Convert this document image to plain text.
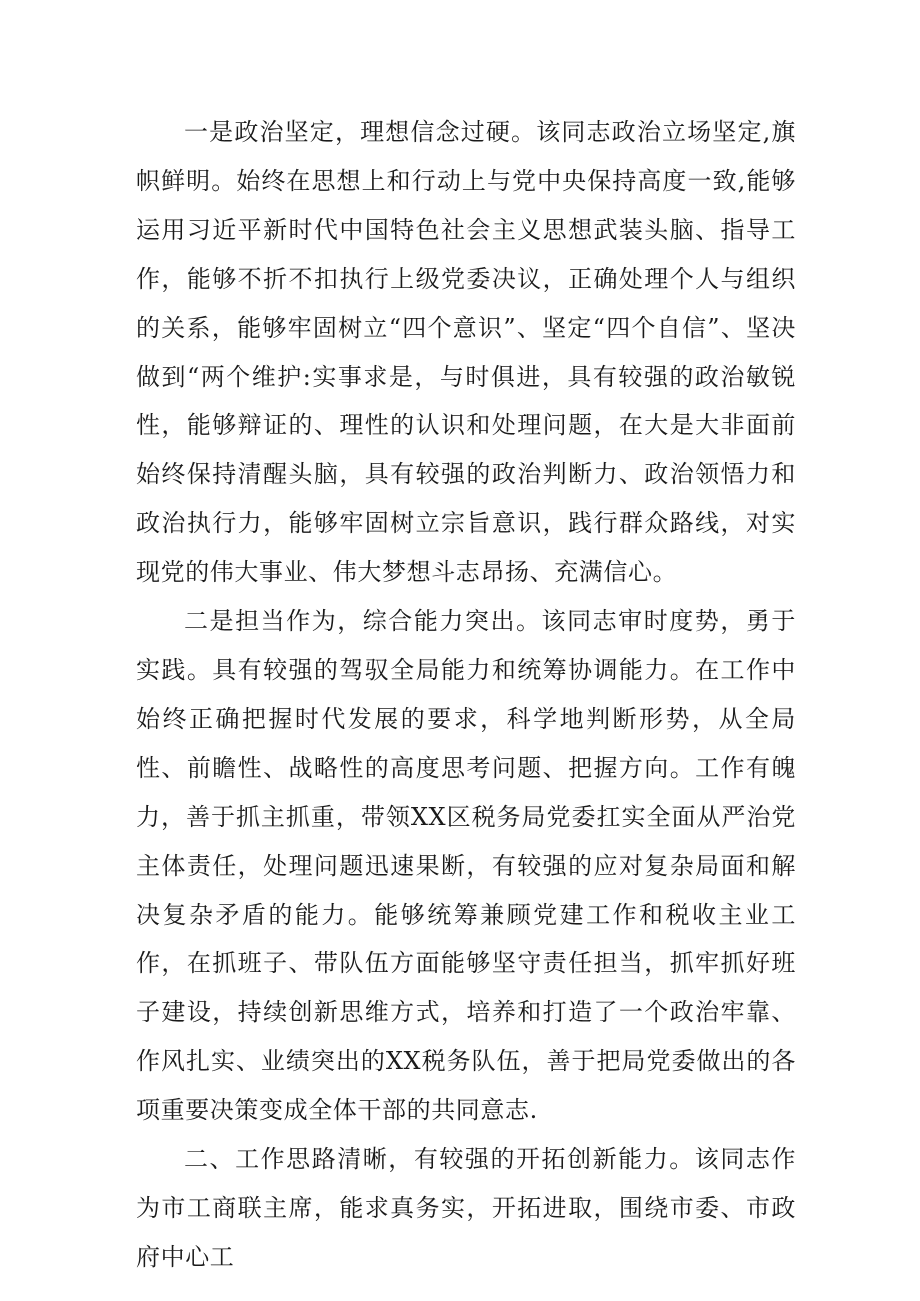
一是政治坚定，理想信念过硬。该同志政治立场坚定,旗帜鲜明。始终在思想上和行动上与党中央保持高度一致,能够运用习近平新时代中国特色社会主义思想武装头脑、指导工作，能够不折不扣执行上级党委决议，正确处理个人与组织的关系，能够牢固树立“四个意识”、坚定“四个自信”、坚决做到“两个维护:实事求是，与时俱进，具有较强的政治敏锐性，能够辩证的、理性的认识和处理问题，在大是大非面前始终保持清醒头脑，具有较强的政治判断力、政治领悟力和政治执行力，能够牢固树立宗旨意识，践行群众路线，对实现党的伟大事业、伟大梦想斗志昂扬、充满信心。

二是担当作为，综合能力突出。该同志审时度势，勇于实践。具有较强的驾驭全局能力和统筹协调能力。在工作中始终正确把握时代发展的要求，科学地判断形势，从全局性、前瞻性、战略性的高度思考问题、把握方向。工作有魄力，善于抓主抓重，带领XX区税务局党委扛实全面从严治党主体责任，处理问题迅速果断，有较强的应对复杂局面和解决复杂矛盾的能力。能够统筹兼顾党建工作和税收主业工作，在抓班子、带队伍方面能够坚守责任担当，抓牢抓好班子建设，持续创新思维方式，培养和打造了一个政治牢靠、作风扎实、业绩突出的XX税务队伍，善于把局党委做出的各项重要决策变成全体干部的共同意志.

二、工作思路清晰，有较强的开拓创新能力。该同志作为市工商联主席，能求真务实，开拓进取，围绕市委、市政府中心工
